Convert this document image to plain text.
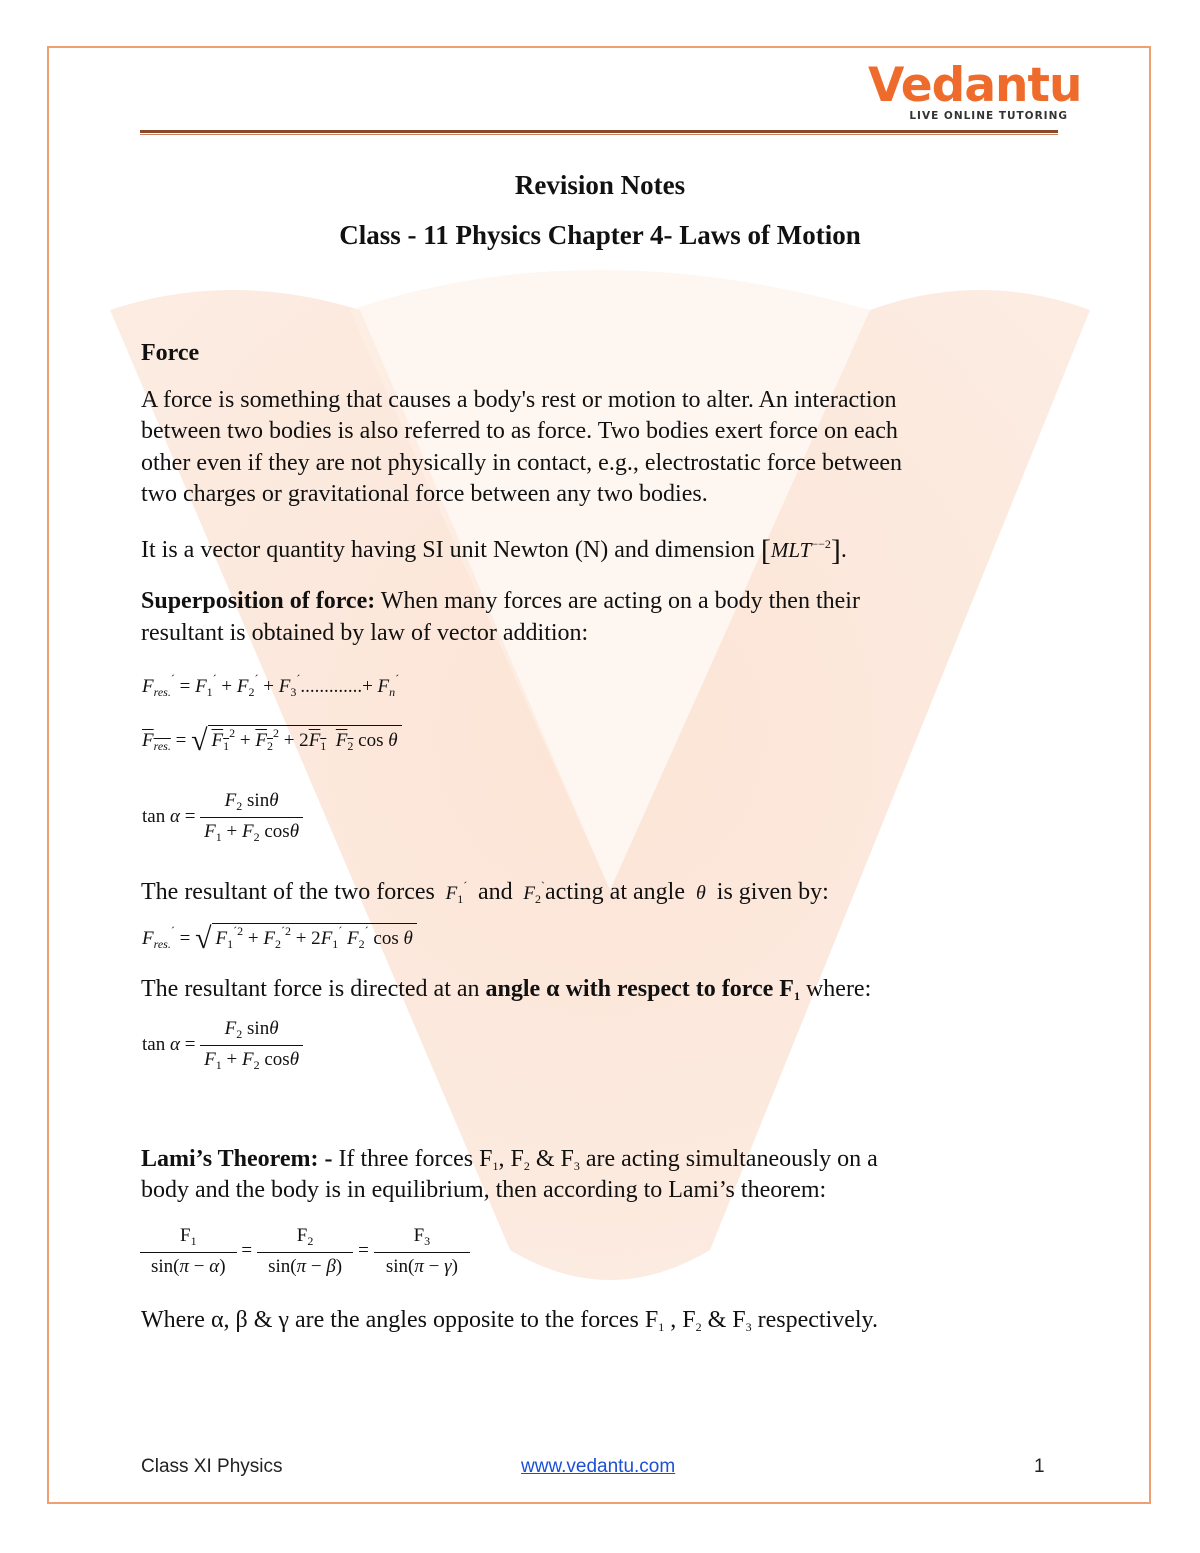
Vedantu
LIVE ONLINE TUTORING
Revision Notes
Class - 11 Physics Chapter 4- Laws of Motion
Force
A force is something that causes a body's rest or motion to alter. An interaction
between two bodies is also referred to as force. Two bodies exert force on each
other even if they are not physically in contact, e.g., electrostatic force between
two charges or gravitational force between any two bodies.
It is a vector quantity having SI unit Newton (N) and dimension $[MLT^{--2}]$.
Superposition of force: When many forces are acting on a body then their
resultant is obtained by law of vector addition:
$F_{res.}^´ = F_1^´ + F_2^´ + F_3^´.............+ F_n^´$
$F_{res.}$ = √ $F_1^2 + F_2^2 + 2F_1$ $F_2$ cos θ
$\tan \alpha = \frac{F_2 \sin\theta}{F_1 + F_2 \cos\theta}$
The resultant of the two forces $F_1^´$ and $F_2^`acting$ at angle  θ  is given by:
$F_{res.}^´$ = √ $F_1^{´2} + F_2^{´2} + 2F_1^´$ $F_2^´$ cos θ
The resultant force is directed at an angle α with respect to force F1 where:
$\tan \alpha = \frac{F_2 \sin\theta}{F_1 + F_2 \cos\theta}$
Lami’s Theorem: - If three forces F1, F2 & F3 are acting simultaneously on a
body and the body is in equilibrium, then according to Lami’s theorem:
$\frac{F_1}{\sin(\pi - \alpha)} = \frac{F_2}{\sin(\pi - \beta)} = \frac{F_3}{\sin(\pi - \gamma)}$
Where α, β & γ are the angles opposite to the forces F1 , F2 & F3 respectively.
Class XI Physics	www.vedantu.com	1
